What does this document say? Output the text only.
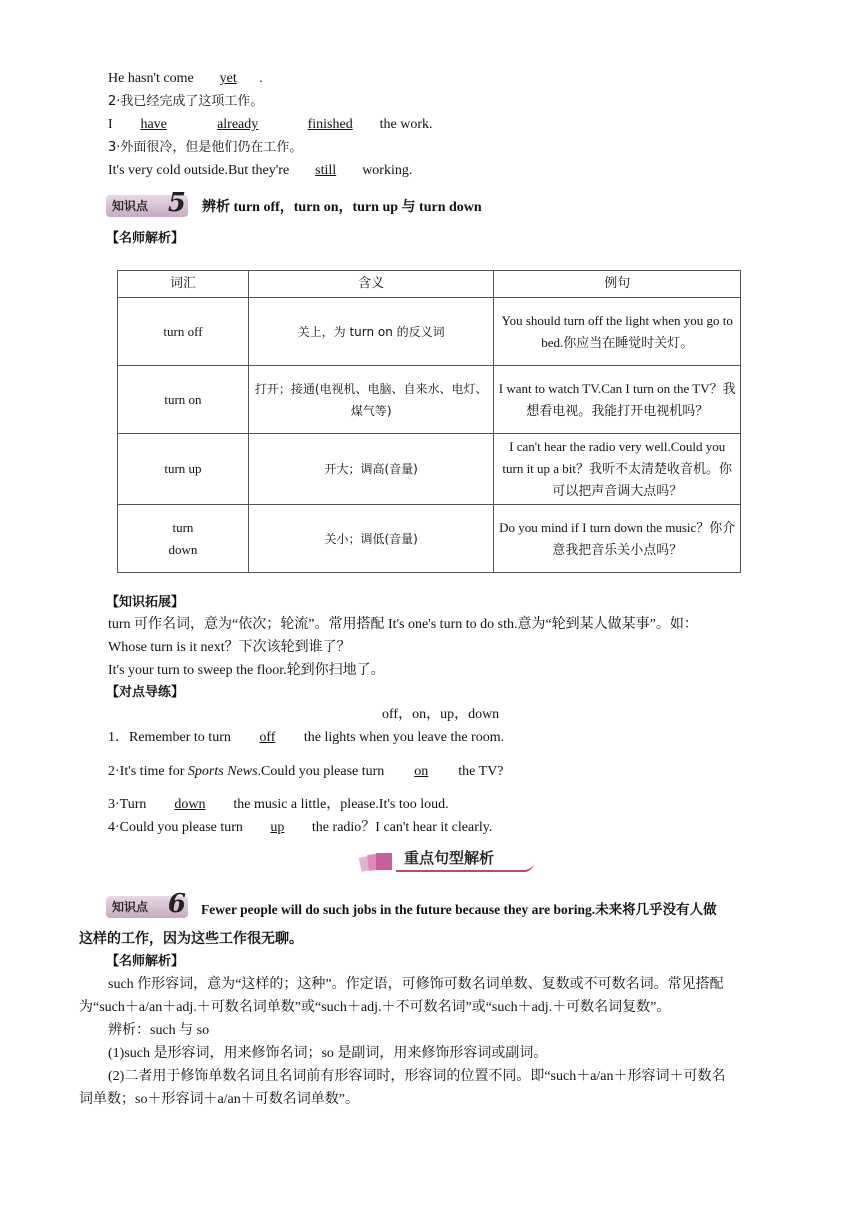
He hasn't come yet .
2·我已经完成了这项工作。
I have	already	finished the work.
3·外面很冷，但是他们仍在工作。
It's very cold outside.But they're still working.
知识点 5 辨析 turn off，turn on，turn up 与 turn down
【名师解析】
词汇	含义	例句
turn off	关上，为 turn on 的反义词	You should turn off the light when you go to bed.你应当在睡觉时关灯。
turn on	打开；接通(电视机、电脑、自来水、电灯、煤气等)	I want to watch TV.Can I turn on the TV？我想看电视。我能打开电视机吗？
turn up	开大；调高(音量)	I can't hear the radio very well.Could you turn it up a bit？我听不太清楚收音机。你可以把声音调大点吗？
turn down	关小；调低(音量)	Do you mind if I turn down the music？你介意我把音乐关小点吗？
【知识拓展】
turn 可作名词，意为“依次；轮流”。常用搭配 It's one's turn to do sth.意为“轮到某人做某事”。如：
Whose turn is it next？下次该轮到谁了？
It's your turn to sweep the floor.轮到你扫地了。
【对点导练】
off，on，up，down
1．Remember to turn off the lights when you leave the room.
2·It's time for Sports News.Could you please turn on the TV?
3·Turn down the music a little，please.It's too loud.
4·Could you please turn up the radio？I can't hear it clearly.
重点句型解析
知识点 6 Fewer people will do such jobs in the future because they are boring.未来将几乎没有人做
这样的工作，因为这些工作很无聊。
【名师解析】
such 作形容词，意为“这样的；这种”。作定语，可修饰可数名词单数、复数或不可数名词。常见搭配
为“such＋a/an＋adj.＋可数名词单数”或“such＋adj.＋不可数名词”或“such＋adj.＋可数名词复数”。
辨析：such 与 so
(1)such 是形容词，用来修饰名词；so 是副词，用来修饰形容词或副词。
(2)二者用于修饰单数名词且名词前有形容词时，形容词的位置不同。即“such＋a/an＋形容词＋可数名
词单数；so＋形容词＋a/an＋可数名词单数”。
